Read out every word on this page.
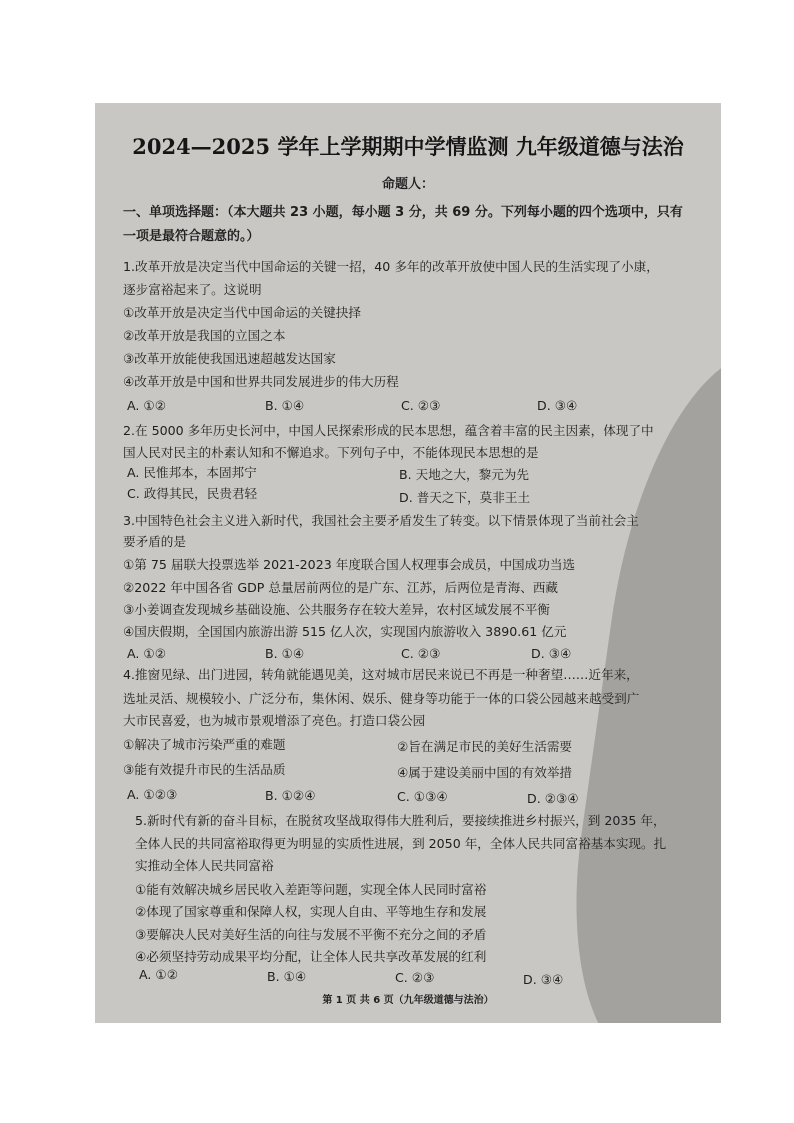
2024—2025 学年上学期期中学情监测 九年级道德与法治
命题人：
一、单项选择题：（本大题共 23 小题，每小题 3 分，共 69 分。下列每小题的四个选项中，只有
一项是最符合题意的。）
1.改革开放是决定当代中国命运的关键一招，40 多年的改革开放使中国人民的生活实现了小康，
逐步富裕起来了。这说明
①改革开放是决定当代中国命运的关键抉择
②改革开放是我国的立国之本
③改革开放能使我国迅速超越发达国家
④改革开放是中国和世界共同发展进步的伟大历程
A. ①②	B. ①④	C. ②③	D. ③④
2.在 5000 多年历史长河中，中国人民探索形成的民本思想，蕴含着丰富的民主因素，体现了中
国人民对民主的朴素认知和不懈追求。下列句子中，不能体现民本思想的是
A. 民惟邦本，本固邦宁	B. 天地之大，黎元为先
C. 政得其民，民贵君轻	D. 普天之下，莫非王土
3.中国特色社会主义进入新时代，我国社会主要矛盾发生了转变。以下情景体现了当前社会主
要矛盾的是
①第 75 届联大投票选举 2021-2023 年度联合国人权理事会成员，中国成功当选
②2022 年中国各省 GDP 总量居前两位的是广东、江苏，后两位是青海、西藏
③小姜调查发现城乡基础设施、公共服务存在较大差异，农村区域发展不平衡
④国庆假期，全国国内旅游出游 515 亿人次，实现国内旅游收入 3890.61 亿元
A. ①②	B. ①④	C. ②③	D. ③④
4.推窗见绿、出门进园，转角就能遇见美，这对城市居民来说已不再是一种奢望……近年来，
选址灵活、规模较小、广泛分布，集休闲、娱乐、健身等功能于一体的口袋公园越来越受到广
大市民喜爱，也为城市景观增添了亮色。打造口袋公园
①解决了城市污染严重的难题	②旨在满足市民的美好生活需要
③能有效提升市民的生活品质	④属于建设美丽中国的有效举措
A. ①②③	B. ①②④	C. ①③④	D. ②③④
5.新时代有新的奋斗目标，在脱贫攻坚战取得伟大胜利后，要接续推进乡村振兴，到 2035 年，
全体人民的共同富裕取得更为明显的实质性进展，到 2050 年，全体人民共同富裕基本实现。扎
实推动全体人民共同富裕
①能有效解决城乡居民收入差距等问题，实现全体人民同时富裕
②体现了国家尊重和保障人权，实现人自由、平等地生存和发展
③要解决人民对美好生活的向往与发展不平衡不充分之间的矛盾
④必须坚持劳动成果平均分配，让全体人民共享改革发展的红利
A. ①②	B. ①④	C. ②③	D. ③④
第 1 页 共 6 页（九年级道德与法治）
